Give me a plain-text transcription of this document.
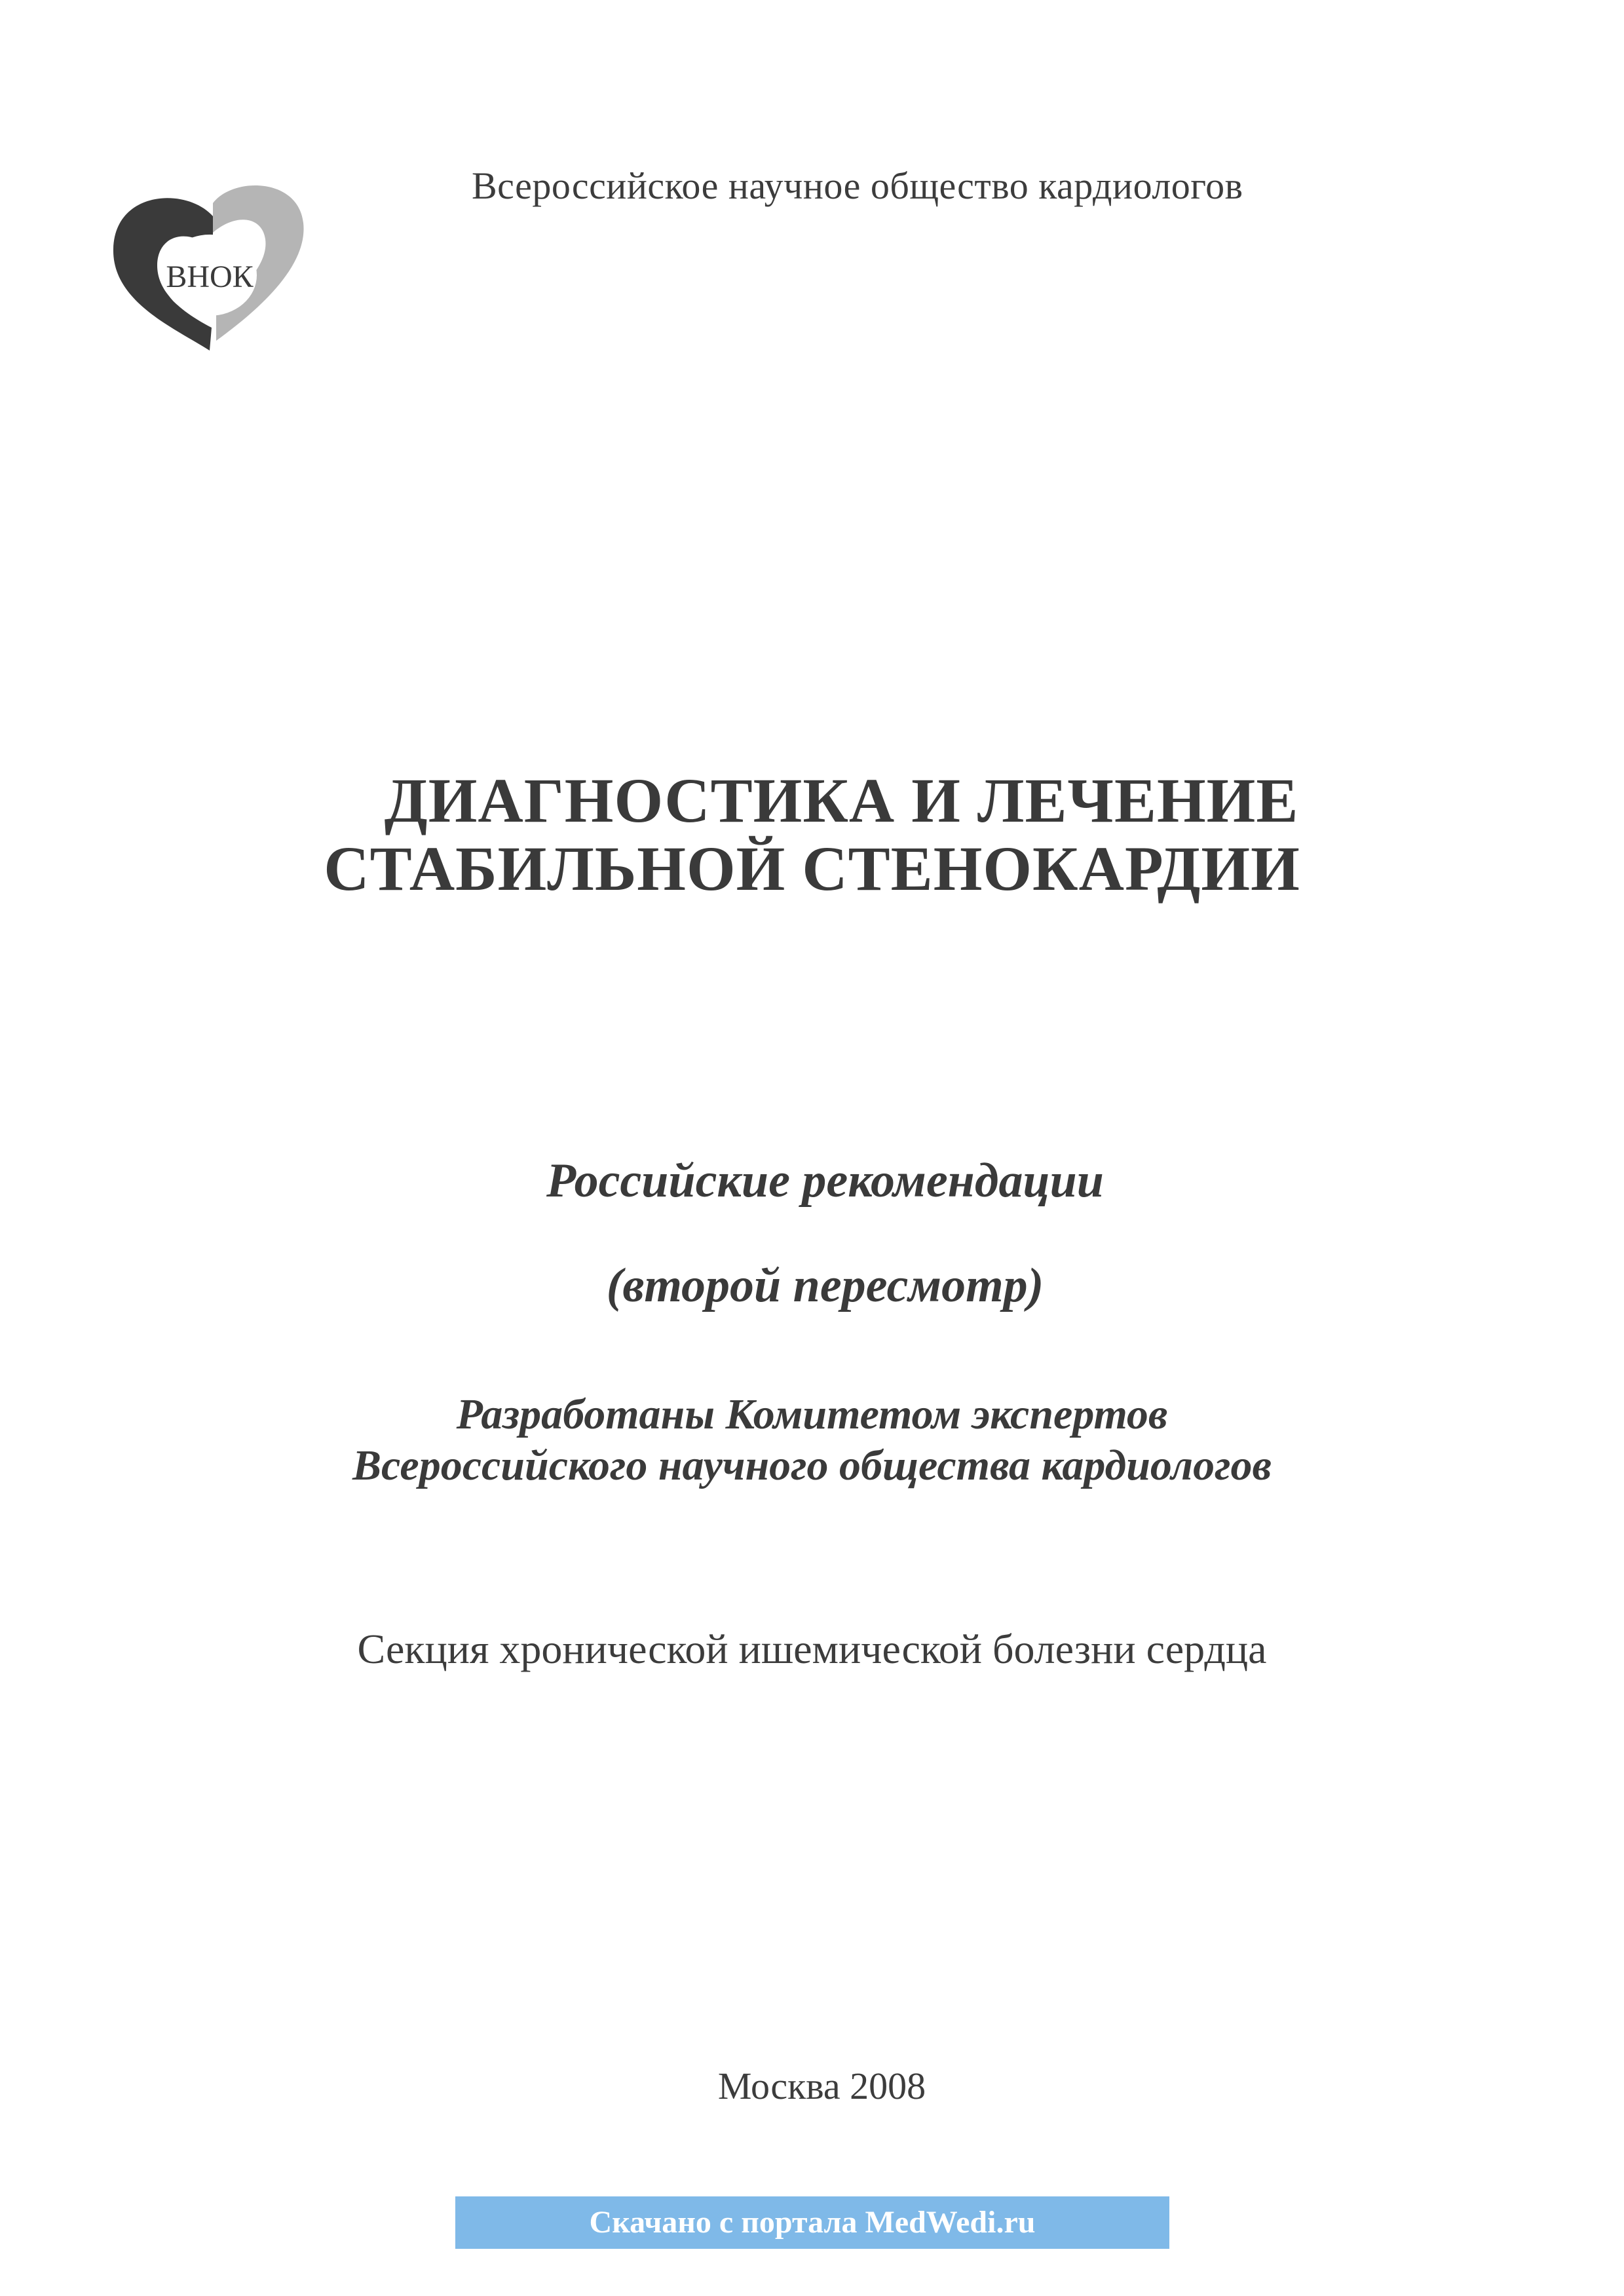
ВНОК
Всероссийское научное общество кардиологов
ДИАГНОСТИКА И ЛЕЧЕНИЕ
СТАБИЛЬНОЙ СТЕНОКАРДИИ
Российские рекомендации
(второй пересмотр)
Разработаны Комитетом экспертов
Всероссийского научного общества кардиологов
Секция хронической ишемической болезни сердца
Москва 2008
Скачано с портала MedWedi.ru
